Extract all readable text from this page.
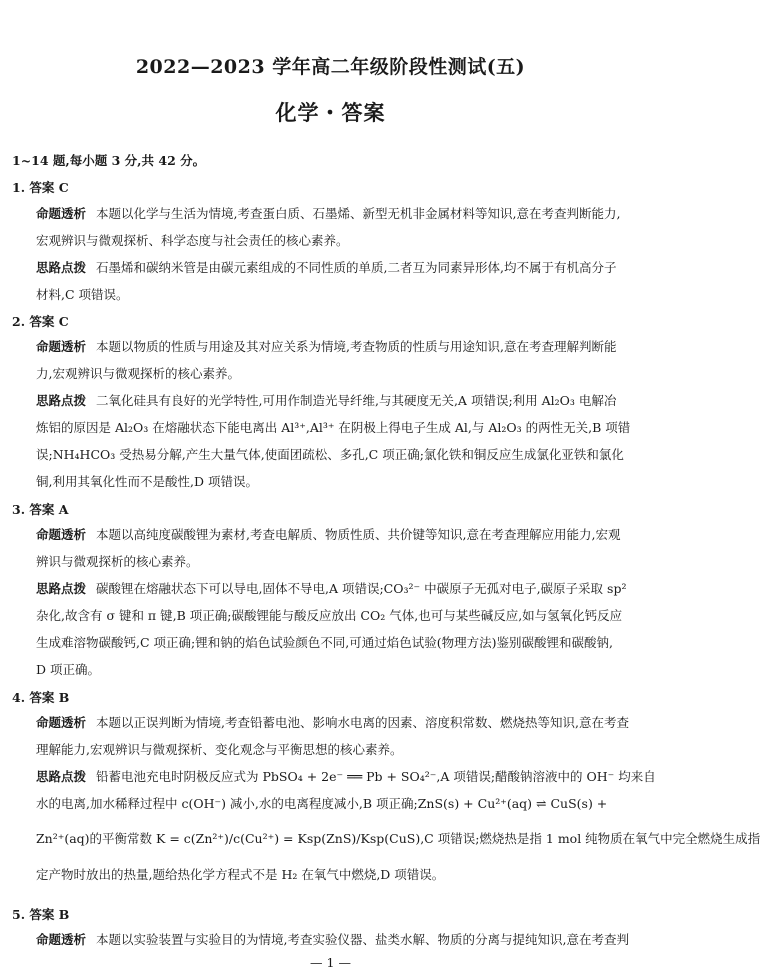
2022—2023 学年高二年级阶段性测试(五)
化学・答案
1~14 题,每小题 3 分,共 42 分。
1. 答案 C
命题透析 本题以化学与生活为情境,考查蛋白质、石墨烯、新型无机非金属材料等知识,意在考查判断能力,
宏观辨识与微观探析、科学态度与社会责任的核心素养。
思路点拨 石墨烯和碳纳米管是由碳元素组成的不同性质的单质,二者互为同素异形体,均不属于有机高分子
材料,C 项错误。
2. 答案 C
命题透析 本题以物质的性质与用途及其对应关系为情境,考查物质的性质与用途知识,意在考查理解判断能
力,宏观辨识与微观探析的核心素养。
思路点拨 二氧化硅具有良好的光学特性,可用作制造光导纤维,与其硬度无关,A 项错误;利用 Al₂O₃ 电解冶
炼铝的原因是 Al₂O₃ 在熔融状态下能电离出 Al³⁺,Al³⁺ 在阴极上得电子生成 Al,与 Al₂O₃ 的两性无关,B 项错
误;NH₄HCO₃ 受热易分解,产生大量气体,使面团疏松、多孔,C 项正确;氯化铁和铜反应生成氯化亚铁和氯化
铜,利用其氧化性而不是酸性,D 项错误。
3. 答案 A
命题透析 本题以高纯度碳酸锂为素材,考查电解质、物质性质、共价键等知识,意在考查理解应用能力,宏观
辨识与微观探析的核心素养。
思路点拨 碳酸锂在熔融状态下可以导电,固体不导电,A 项错误;CO₃²⁻ 中碳原子无孤对电子,碳原子采取 sp²
杂化,故含有 σ 键和 π 键,B 项正确;碳酸锂能与酸反应放出 CO₂ 气体,也可与某些碱反应,如与氢氧化钙反应
生成难溶物碳酸钙,C 项正确;锂和钠的焰色试验颜色不同,可通过焰色试验(物理方法)鉴别碳酸锂和碳酸钠,
D 项正确。
4. 答案 B
命题透析 本题以正误判断为情境,考查铅蓄电池、影响水电离的因素、溶度积常数、燃烧热等知识,意在考查
理解能力,宏观辨识与微观探析、变化观念与平衡思想的核心素养。
思路点拨 铅蓄电池充电时阴极反应式为 PbSO₄ + 2e⁻ ══ Pb + SO₄²⁻,A 项错误;醋酸钠溶液中的 OH⁻ 均来自
水的电离,加水稀释过程中 c(OH⁻) 减小,水的电离程度减小,B 项正确;ZnS(s) + Cu²⁺(aq) ⇌ CuS(s) +
Zn²⁺(aq)的平衡常数 K = c(Zn²⁺)/c(Cu²⁺) = Ksp(ZnS)/Ksp(CuS),C 项错误;燃烧热是指 1 mol 纯物质在氧气中完全燃烧生成指
定产物时放出的热量,题给热化学方程式不是 H₂ 在氧气中燃烧,D 项错误。
5. 答案 B
命题透析 本题以实验装置与实验目的为情境,考查实验仪器、盐类水解、物质的分离与提纯知识,意在考查判
— 1 —
